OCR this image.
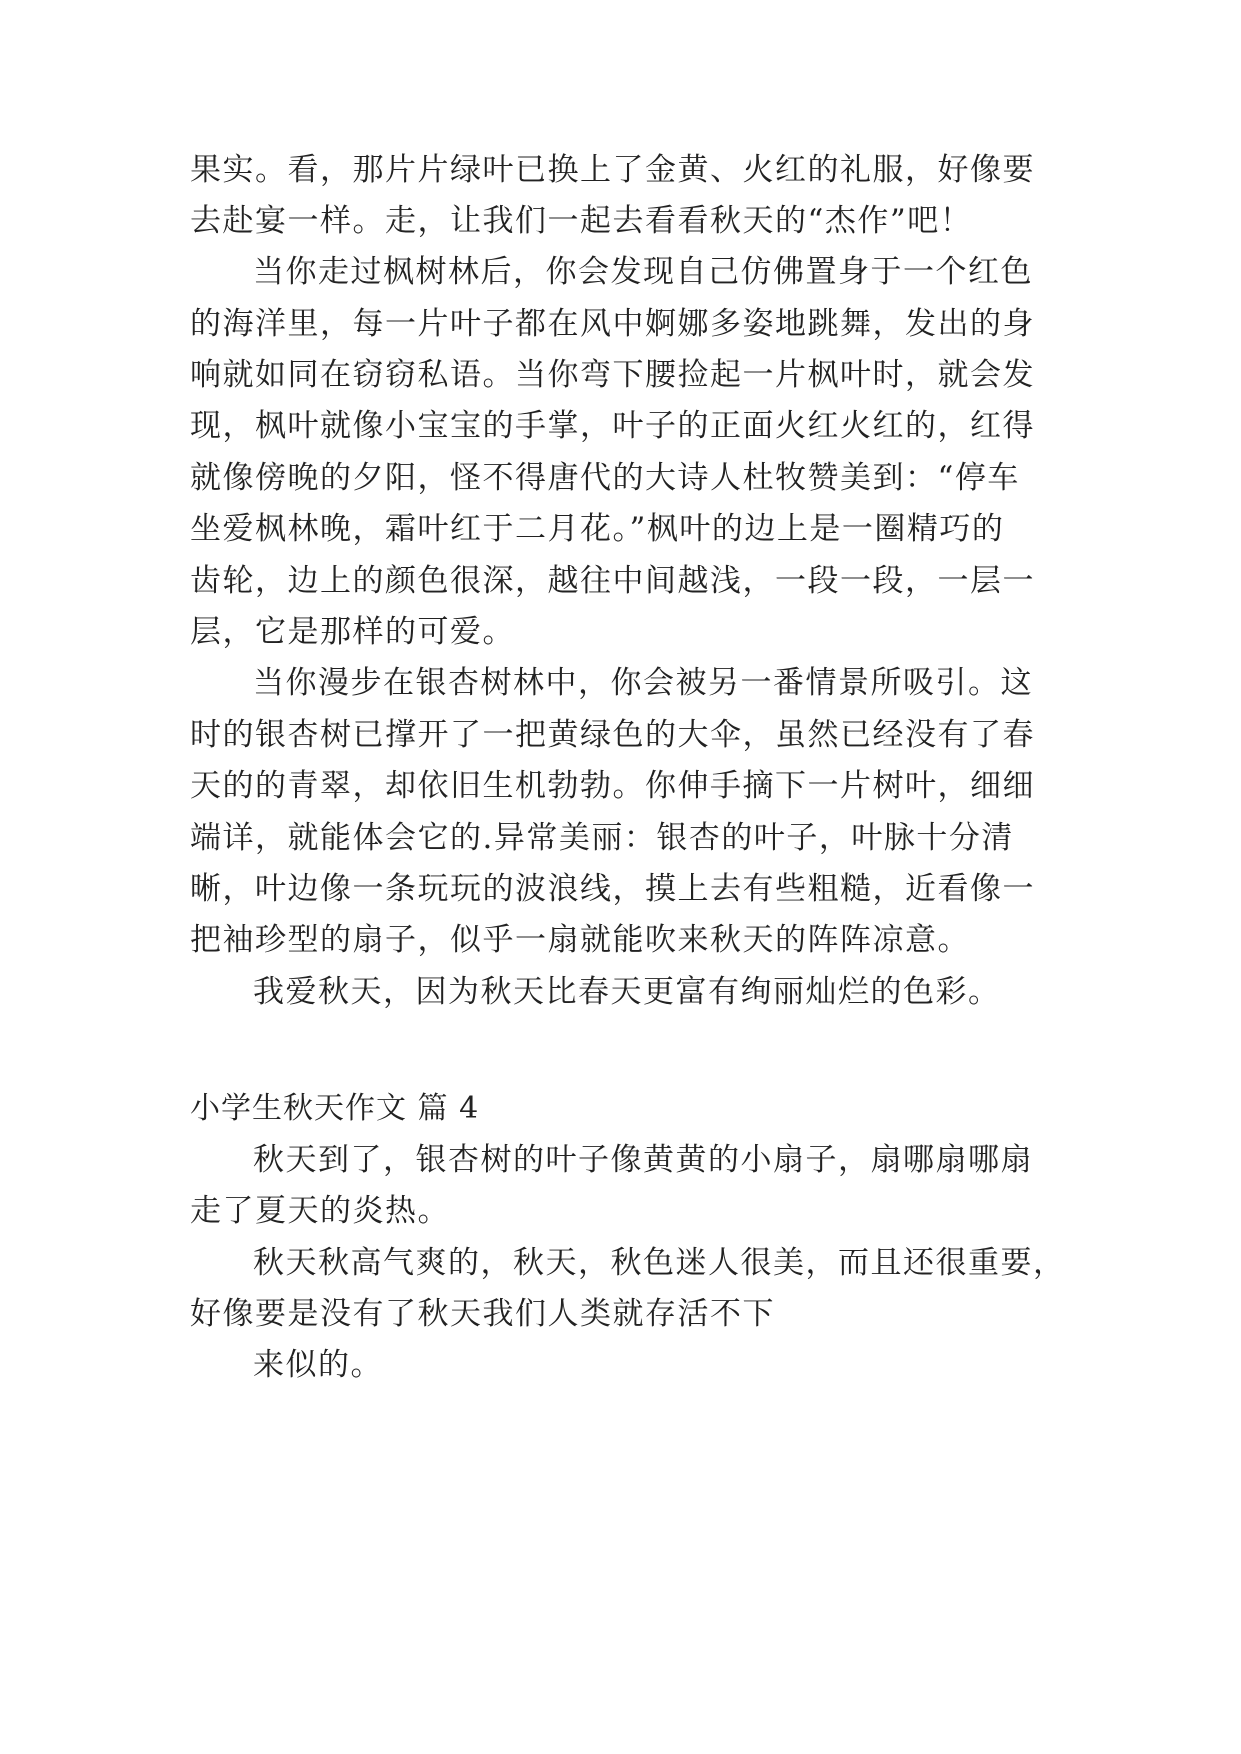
果实。看，那片片绿叶已换上了金黄、火红的礼服，好像要
去赴宴一样。走，让我们一起去看看秋天的“杰作”吧！
当你走过枫树林后，你会发现自己仿佛置身于一个红色
的海洋里，每一片叶子都在风中婀娜多姿地跳舞，发出的身
响就如同在窃窃私语。当你弯下腰捡起一片枫叶时，就会发
现，枫叶就像小宝宝的手掌，叶子的正面火红火红的，红得
就像傍晚的夕阳，怪不得唐代的大诗人杜牧赞美到：“停车
坐爱枫林晚，霜叶红于二月花。”枫叶的边上是一圈精巧的
齿轮，边上的颜色很深，越往中间越浅，一段一段，一层一
层，它是那样的可爱。
当你漫步在银杏树林中，你会被另一番情景所吸引。这
时的银杏树已撑开了一把黄绿色的大伞，虽然已经没有了春
天的的青翠，却依旧生机勃勃。你伸手摘下一片树叶，细细
端详，就能体会它的.异常美丽：银杏的叶子，叶脉十分清
晰，叶边像一条玩玩的波浪线，摸上去有些粗糙，近看像一
把袖珍型的扇子，似乎一扇就能吹来秋天的阵阵凉意。
我爱秋天，因为秋天比春天更富有绚丽灿烂的色彩。
小学生秋天作文 篇 4
秋天到了，银杏树的叶子像黄黄的小扇子，扇哪扇哪扇
走了夏天的炎热。
秋天秋高气爽的，秋天，秋色迷人很美，而且还很重要，
好像要是没有了秋天我们人类就存活不下
来似的。
